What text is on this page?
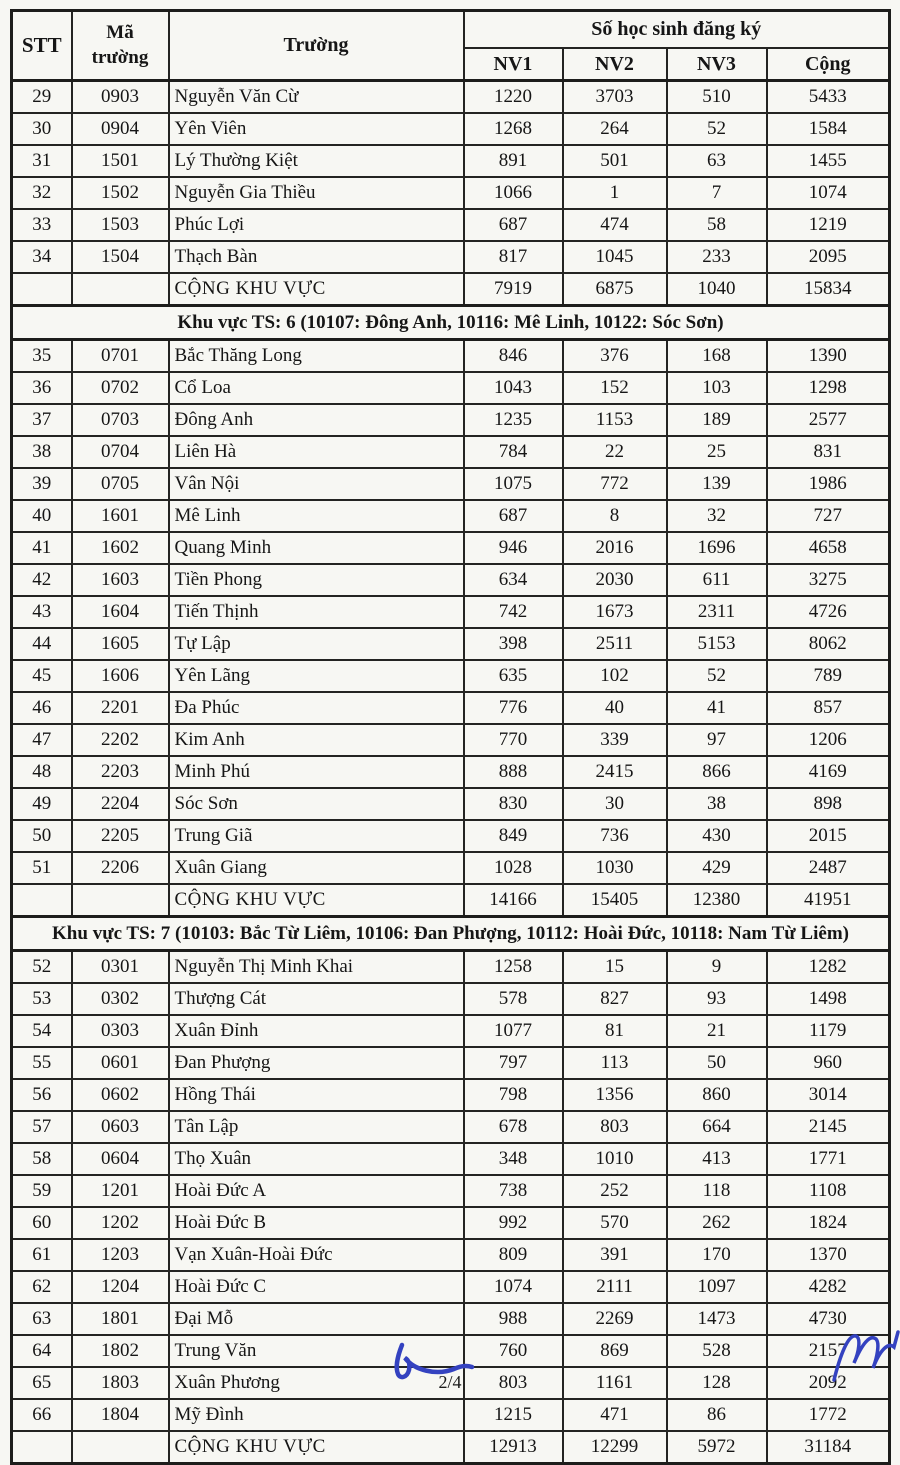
STT	Mã trường	Trường	Số học sinh đăng ký			
			NV1	NV2	NV3	Cộng
29	0903	Nguyễn Văn Cừ	1220	3703	510	5433
30	0904	Yên Viên	1268	264	52	1584
31	1501	Lý Thường Kiệt	891	501	63	1455
32	1502	Nguyễn Gia Thiều	1066	1	7	1074
33	1503	Phúc Lợi	687	474	58	1219
34	1504	Thạch Bàn	817	1045	233	2095
		CỘNG KHU VỰC	7919	6875	1040	15834
Khu vực TS: 6 (10107: Đông Anh, 10116: Mê Linh, 10122: Sóc Sơn)						
35	0701	Bắc Thăng Long	846	376	168	1390
36	0702	Cổ Loa	1043	152	103	1298
37	0703	Đông Anh	1235	1153	189	2577
38	0704	Liên Hà	784	22	25	831
39	0705	Vân Nội	1075	772	139	1986
40	1601	Mê Linh	687	8	32	727
41	1602	Quang Minh	946	2016	1696	4658
42	1603	Tiền Phong	634	2030	611	3275
43	1604	Tiến Thịnh	742	1673	2311	4726
44	1605	Tự Lập	398	2511	5153	8062
45	1606	Yên Lãng	635	102	52	789
46	2201	Đa Phúc	776	40	41	857
47	2202	Kim Anh	770	339	97	1206
48	2203	Minh Phú	888	2415	866	4169
49	2204	Sóc Sơn	830	30	38	898
50	2205	Trung Giã	849	736	430	2015
51	2206	Xuân Giang	1028	1030	429	2487
		CỘNG KHU VỰC	14166	15405	12380	41951
Khu vực TS: 7 (10103: Bắc Từ Liêm, 10106: Đan Phượng, 10112: Hoài Đức, 10118: Nam Từ Liêm)						
52	0301	Nguyễn Thị Minh Khai	1258	15	9	1282
53	0302	Thượng Cát	578	827	93	1498
54	0303	Xuân Đỉnh	1077	81	21	1179
55	0601	Đan Phượng	797	113	50	960
56	0602	Hồng Thái	798	1356	860	3014
57	0603	Tân Lập	678	803	664	2145
58	0604	Thọ Xuân	348	1010	413	1771
59	1201	Hoài Đức A	738	252	118	1108
60	1202	Hoài Đức B	992	570	262	1824
61	1203	Vạn Xuân-Hoài Đức	809	391	170	1370
62	1204	Hoài Đức C	1074	2111	1097	4282
63	1801	Đại Mỗ	988	2269	1473	4730
64	1802	Trung Văn	760	869	528	2157
65	1803	Xuân Phương	803	1161	128	2092
66	1804	Mỹ Đình	1215	471	86	1772
		CỘNG KHU VỰC	12913	12299	5972	31184
2/4
